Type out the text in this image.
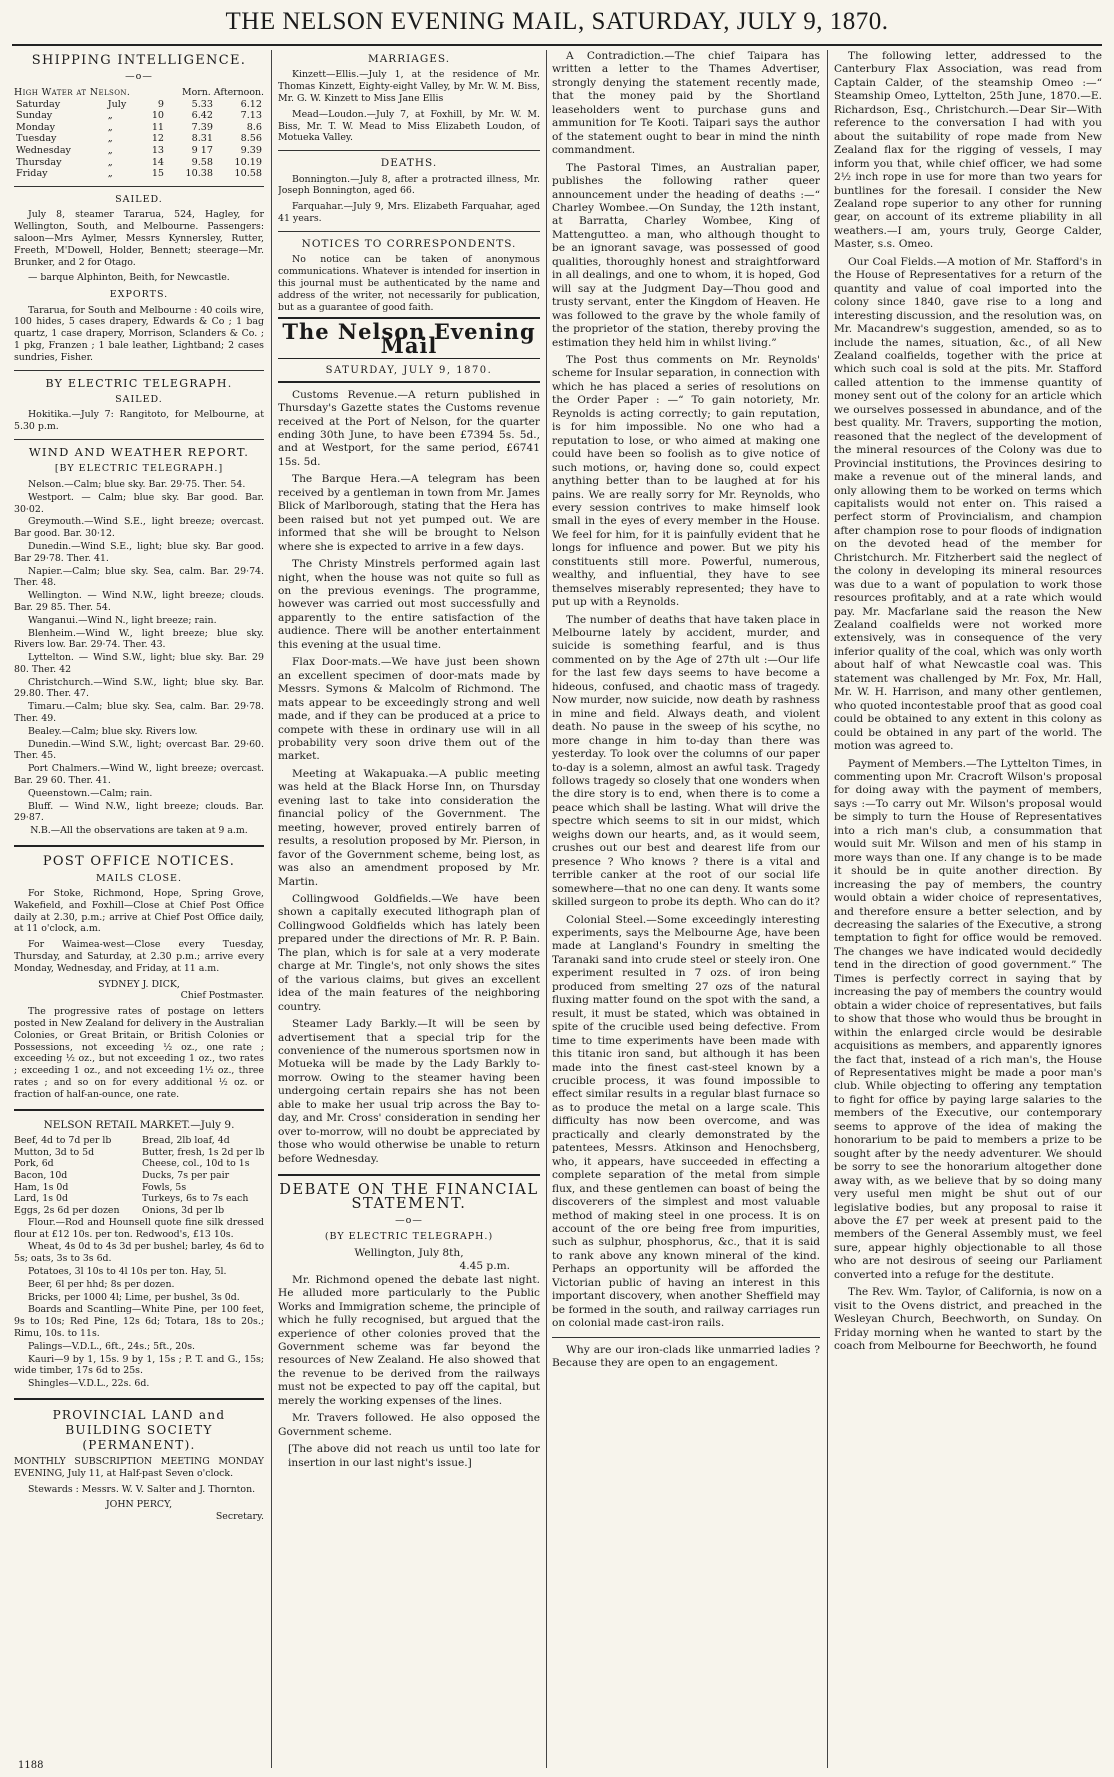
THE NELSON EVENING MAIL, SATURDAY, JULY 9, 1870.
SHIPPING INTELLIGENCE.
—o—
High Water at Nelson.	Morn. Afternoon.
Saturday	July	9	5.33	6.12
Sunday	„	10	6.42	7.13
Monday	„	11	7.39	8.6
Tuesday	„	12	8.31	8.56
Wednesday	„	13	9 17	9.39
Thursday	„	14	9.58	10.19
Friday	„	15	10.38	10.58
SAILED.

July 8, steamer Tararua, 524, Hagley, for Wellington, South, and Melbourne. Passengers: saloon—Mrs Aylmer, Messrs Kynnersley, Rutter, Freeth, M'Dowell, Holder, Bennett; steerage—Mr. Brunker, and 2 for Otago.

— barque Alphinton, Beith, for Newcastle.

EXPORTS.

Tararua, for South and Melbourne : 40 coils wire, 100 hides, 5 cases drapery, Edwards & Co ; 1 bag quartz, 1 case drapery, Morrison, Sclanders & Co. ; 1 pkg, Franzen ; 1 bale leather, Lightband; 2 cases sundries, Fisher.

BY ELECTRIC TELEGRAPH.
SAILED.

Hokitika.—July 7: Rangitoto, for Melbourne, at 5.30 p.m.

WIND AND WEATHER REPORT.
[BY ELECTRIC TELEGRAPH.]

Nelson.—Calm; blue sky. Bar. 29·75. Ther. 54.

Westport. — Calm; blue sky. Bar good. Bar. 30·02.

Greymouth.—Wind S.E., light breeze; overcast. Bar good. Bar. 30·12.

Dunedin.—Wind S.E., light; blue sky. Bar good. Bar 29·78. Ther. 41.

Napier.—Calm; blue sky. Sea, calm. Bar. 29·74. Ther. 48.

Wellington. — Wind N.W., light breeze; clouds. Bar. 29 85. Ther. 54.

Wanganui.—Wind N., light breeze; rain.

Blenheim.—Wind W., light breeze; blue sky. Rivers low. Bar. 29·74. Ther. 43.

Lyttelton. — Wind S.W., light; blue sky. Bar. 29 80. Ther. 42

Christchurch.—Wind S.W., light; blue sky. Bar. 29.80. Ther. 47.

Timaru.—Calm; blue sky. Sea, calm. Bar. 29·78. Ther. 49.

Bealey.—Calm; blue sky. Rivers low.

Dunedin.—Wind S.W., light; overcast Bar. 29·60. Ther. 45.

Port Chalmers.—Wind W., light breeze; overcast. Bar. 29 60. Ther. 41.

Queenstown.—Calm; rain.

Bluff. — Wind N.W., light breeze; clouds. Bar. 29·87.

N.B.—All the observations are taken at 9 a.m.

POST OFFICE NOTICES.
MAILS CLOSE.

For Stoke, Richmond, Hope, Spring Grove, Wakefield, and Foxhill—Close at Chief Post Office daily at 2.30, p.m.; arrive at Chief Post Office daily, at 11 o'clock, a.m.

For Waimea-west—Close every Tuesday, Thursday, and Saturday, at 2.30 p.m.; arrive every Monday, Wednesday, and Friday, at 11 a.m.

SYDNEY J. DICK,
Chief Postmaster.

The progressive rates of postage on letters posted in New Zealand for delivery in the Australian Colonies, or Great Britain, or British Colonies or Possessions, not exceeding ½ oz., one rate ; exceeding ½ oz., but not exceeding 1 oz., two rates ; exceeding 1 oz., and not exceeding 1½ oz., three rates ; and so on for every additional ½ oz. or fraction of half-an-ounce, one rate.

NELSON RETAIL MARKET.—July 9.
Beef, 4d to 7d per lb	Bread, 2lb loaf, 4d
Mutton, 3d to 5d	Butter, fresh, 1s 2d per lb
Pork, 6d	Cheese, col., 10d to 1s
Bacon, 10d	Ducks, 7s per pair
Ham, 1s 0d	Fowls, 5s
Lard, 1s 0d	Turkeys, 6s to 7s each
Eggs, 2s 6d per dozen	Onions, 3d per lb

Flour.—Rod and Hounsell quote fine silk dressed flour at £12 10s. per ton. Redwood's, £13 10s.

Wheat, 4s 0d to 4s 3d per bushel; barley, 4s 6d to 5s; oats, 3s to 3s 6d.

Potatoes, 3l 10s to 4l 10s per ton. Hay, 5l.

Beer, 6l per hhd; 8s per dozen.

Bricks, per 1000 4l; Lime, per bushel, 3s 0d.

Boards and Scantling—White Pine, per 100 feet, 9s to 10s; Red Pine, 12s 6d; Totara, 18s to 20s.; Rimu, 10s. to 11s.

Palings—V.D.L., 6ft., 24s.; 5ft., 20s.

Kauri—9 by 1, 15s. 9 by 1, 15s ; P. T. and G., 15s; wide timber, 17s 6d to 25s.

Shingles—V.D.L., 22s. 6d.

PROVINCIAL LAND and BUILDING SOCIETY (PERMANENT).

MONTHLY SUBSCRIPTION MEETING MONDAY EVENING, July 11, at Half-past Seven o'clock.

Stewards : Messrs. W. V. Salter and J. Thornton.

JOHN PERCY,
Secretary.
MARRIAGES.

Kinzett—Ellis.—July 1, at the residence of Mr. Thomas Kinzett, Eighty-eight Valley, by Mr. W. M. Biss, Mr. G. W. Kinzett to Miss Jane Ellis

Mead—Loudon.—July 7, at Foxhill, by Mr. W. M. Biss, Mr. T. W. Mead to Miss Elizabeth Loudon, of Motueka Valley.

DEATHS.

Bonnington.—July 8, after a protracted illness, Mr. Joseph Bonnington, aged 66.

Farquahar.—July 9, Mrs. Elizabeth Farquahar, aged 41 years.

NOTICES TO CORRESPONDENTS.

No notice can be taken of anonymous communications. Whatever is intended for insertion in this journal must be authenticated by the name and address of the writer, not necessarily for publication, but as a guarantee of good faith.

The Nelson Evening Mail
SATURDAY, JULY 9, 1870.

Customs Revenue.—A return published in Thursday's Gazette states the Customs revenue received at the Port of Nelson, for the quarter ending 30th June, to have been £7394 5s. 5d., and at Westport, for the same period, £6741 15s. 5d.

The Barque Hera.—A telegram has been received by a gentleman in town from Mr. James Blick of Marlborough, stating that the Hera has been raised but not yet pumped out. We are informed that she will be brought to Nelson where she is expected to arrive in a few days.

The Christy Minstrels performed again last night, when the house was not quite so full as on the previous evenings. The programme, however was carried out most successfully and apparently to the entire satisfaction of the audience. There will be another entertainment this evening at the usual time.

Flax Door-mats.—We have just been shown an excellent specimen of door-mats made by Messrs. Symons & Malcolm of Richmond. The mats appear to be exceedingly strong and well made, and if they can be produced at a price to compete with these in ordinary use will in all probability very soon drive them out of the market.

Meeting at Wakapuaka.—A public meeting was held at the Black Horse Inn, on Thursday evening last to take into consideration the financial policy of the Government. The meeting, however, proved entirely barren of results, a resolution proposed by Mr. Pierson, in favor of the Government scheme, being lost, as was also an amendment proposed by Mr. Martin.

Collingwood Goldfields.—We have been shown a capitally executed lithograph plan of Collingwood Goldfields which has lately been prepared under the directions of Mr. R. P. Bain. The plan, which is for sale at a very moderate charge at Mr. Tingle's, not only shows the sites of the various claims, but gives an excellent idea of the main features of the neighboring country.

Steamer Lady Barkly.—It will be seen by advertisement that a special trip for the convenience of the numerous sportsmen now in Motueka will be made by the Lady Barkly to-morrow. Owing to the steamer having been undergoing certain repairs she has not been able to make her usual trip across the Bay to-day, and Mr. Cross' consideration in sending her over to-morrow, will no doubt be appreciated by those who would otherwise be unable to return before Wednesday.

DEBATE ON THE FINANCIAL STATEMENT.
—o—
(BY ELECTRIC TELEGRAPH.)
Wellington, July 8th,
4.45 p.m.

Mr. Richmond opened the debate last night. He alluded more particularly to the Public Works and Immigration scheme, the principle of which he fully recognised, but argued that the experience of other colonies proved that the Government scheme was far beyond the resources of New Zealand. He also showed that the revenue to be derived from the railways must not be expected to pay off the capital, but merely the working expenses of the lines.

Mr. Travers followed. He also opposed the Government scheme.

[The above did not reach us until too late for insertion in our last night's issue.]

A Contradiction.—The chief Taipara has written a letter to the Thames Advertiser, strongly denying the statement recently made, that the money paid by the Shortland leaseholders went to purchase guns and ammunition for Te Kooti. Taipari says the author of the statement ought to bear in mind the ninth commandment.

The Pastoral Times, an Australian paper, publishes the following rather queer announcement under the heading of deaths :—“ Charley Wombee.—On Sunday, the 12th instant, at Barratta, Charley Wombee, King of Mattengutteo. a man, who although thought to be an ignorant savage, was possessed of good qualities, thoroughly honest and straightforward in all dealings, and one to whom, it is hoped, God will say at the Judgment Day—Thou good and trusty servant, enter the Kingdom of Heaven. He was followed to the grave by the whole family of the proprietor of the station, thereby proving the estimation they held him in whilst living.”

The Post thus comments on Mr. Reynolds' scheme for Insular separation, in connection with which he has placed a series of resolutions on the Order Paper : —“ To gain notoriety, Mr. Reynolds is acting correctly; to gain reputation, is for him impossible. No one who had a reputation to lose, or who aimed at making one could have been so foolish as to give notice of such motions, or, having done so, could expect anything better than to be laughed at for his pains. We are really sorry for Mr. Reynolds, who every session contrives to make himself look small in the eyes of every member in the House. We feel for him, for it is painfully evident that he longs for influence and power. But we pity his constituents still more. Powerful, numerous, wealthy, and influential, they have to see themselves miserably represented; they have to put up with a Reynolds.

The number of deaths that have taken place in Melbourne lately by accident, murder, and suicide is something fearful, and is thus commented on by the Age of 27th ult :—Our life for the last few days seems to have become a hideous, confused, and chaotic mass of tragedy. Now murder, now suicide, now death by rashness in mine and field. Always death, and violent death. No pause in the sweep of his scythe, no more change in him to-day than there was yesterday. To look over the columns of our paper to-day is a solemn, almost an awful task. Tragedy follows tragedy so closely that one wonders when the dire story is to end, when there is to come a peace which shall be lasting. What will drive the spectre which seems to sit in our midst, which weighs down our hearts, and, as it would seem, crushes out our best and dearest life from our presence ? Who knows ? there is a vital and terrible canker at the root of our social life somewhere—that no one can deny. It wants some skilled surgeon to probe its depth. Who can do it?

Colonial Steel.—Some exceedingly interesting experiments, says the Melbourne Age, have been made at Langland's Foundry in smelting the Taranaki sand into crude steel or steely iron. One experiment resulted in 7 ozs. of iron being produced from smelting 27 ozs of the natural fluxing matter found on the spot with the sand, a result, it must be stated, which was obtained in spite of the crucible used being defective. From time to time experiments have been made with this titanic iron sand, but although it has been made into the finest cast-steel known by a crucible process, it was found impossible to effect similar results in a regular blast furnace so as to produce the metal on a large scale. This difficulty has now been overcome, and was practically and clearly demonstrated by the patentees, Messrs. Atkinson and Henochsberg, who, it appears, have succeeded in effecting a complete separation of the metal from simple flux, and these gentlemen can boast of being the discoverers of the simplest and most valuable method of making steel in one process. It is on account of the ore being free from impurities, such as sulphur, phosphorus, &c., that it is said to rank above any known mineral of the kind. Perhaps an opportunity will be afforded the Victorian public of having an interest in this important discovery, when another Sheffield may be formed in the south, and railway carriages run on colonial made cast-iron rails.

Why are our iron-clads like unmarried ladies ? Because they are open to an engagement.

The following letter, addressed to the Canterbury Flax Association, was read from Captain Calder, of the steamship Omeo :—“ Steamship Omeo, Lyttelton, 25th June, 1870.—E. Richardson, Esq., Christchurch.—Dear Sir—With reference to the conversation I had with you about the suitability of rope made from New Zealand flax for the rigging of vessels, I may inform you that, while chief officer, we had some 2½ inch rope in use for more than two years for buntlines for the foresail. I consider the New Zealand rope superior to any other for running gear, on account of its extreme pliability in all weathers.—I am, yours truly, George Calder, Master, s.s. Omeo.

Our Coal Fields.—A motion of Mr. Stafford's in the House of Representatives for a return of the quantity and value of coal imported into the colony since 1840, gave rise to a long and interesting discussion, and the resolution was, on Mr. Macandrew's suggestion, amended, so as to include the names, situation, &c., of all New Zealand coalfields, together with the price at which such coal is sold at the pits. Mr. Stafford called attention to the immense quantity of money sent out of the colony for an article which we ourselves possessed in abundance, and of the best quality. Mr. Travers, supporting the motion, reasoned that the neglect of the development of the mineral resources of the Colony was due to Provincial institutions, the Provinces desiring to make a revenue out of the mineral lands, and only allowing them to be worked on terms which capitalists would not enter on. This raised a perfect storm of Provincialism, and champion after champion rose to pour floods of indignation on the devoted head of the member for Christchurch. Mr. Fitzherbert said the neglect of the colony in developing its mineral resources was due to a want of population to work those resources profitably, and at a rate which would pay. Mr. Macfarlane said the reason the New Zealand coalfields were not worked more extensively, was in consequence of the very inferior quality of the coal, which was only worth about half of what Newcastle coal was. This statement was challenged by Mr. Fox, Mr. Hall, Mr. W. H. Harrison, and many other gentlemen, who quoted incontestable proof that as good coal could be obtained to any extent in this colony as could be obtained in any part of the world. The motion was agreed to.

Payment of Members.—The Lyttelton Times, in commenting upon Mr. Cracroft Wilson's proposal for doing away with the payment of members, says :—To carry out Mr. Wilson's proposal would be simply to turn the House of Representatives into a rich man's club, a consummation that would suit Mr. Wilson and men of his stamp in more ways than one. If any change is to be made it should be in quite another direction. By increasing the pay of members, the country would obtain a wider choice of representatives, and therefore ensure a better selection, and by decreasing the salaries of the Executive, a strong temptation to fight for office would be removed. The changes we have indicated would decidedly tend in the direction of good government.” The Times is perfectly correct in saying that by increasing the pay of members the country would obtain a wider choice of representatives, but fails to show that those who would thus be brought in within the enlarged circle would be desirable acquisitions as members, and apparently ignores the fact that, instead of a rich man's, the House of Representatives might be made a poor man's club. While objecting to offering any temptation to fight for office by paying large salaries to the members of the Executive, our contemporary seems to approve of the idea of making the honorarium to be paid to members a prize to be sought after by the needy adventurer. We should be sorry to see the honorarium altogether done away with, as we believe that by so doing many very useful men might be shut out of our legislative bodies, but any proposal to raise it above the £7 per week at present paid to the members of the General Assembly must, we feel sure, appear highly objectionable to all those who are not desirous of seeing our Parliament converted into a refuge for the destitute.

The Rev. Wm. Taylor, of California, is now on a visit to the Ovens district, and preached in the Wesleyan Church, Beechworth, on Sunday. On Friday morning when he wanted to start by the coach from Melbourne for Beechworth, he found

1188
